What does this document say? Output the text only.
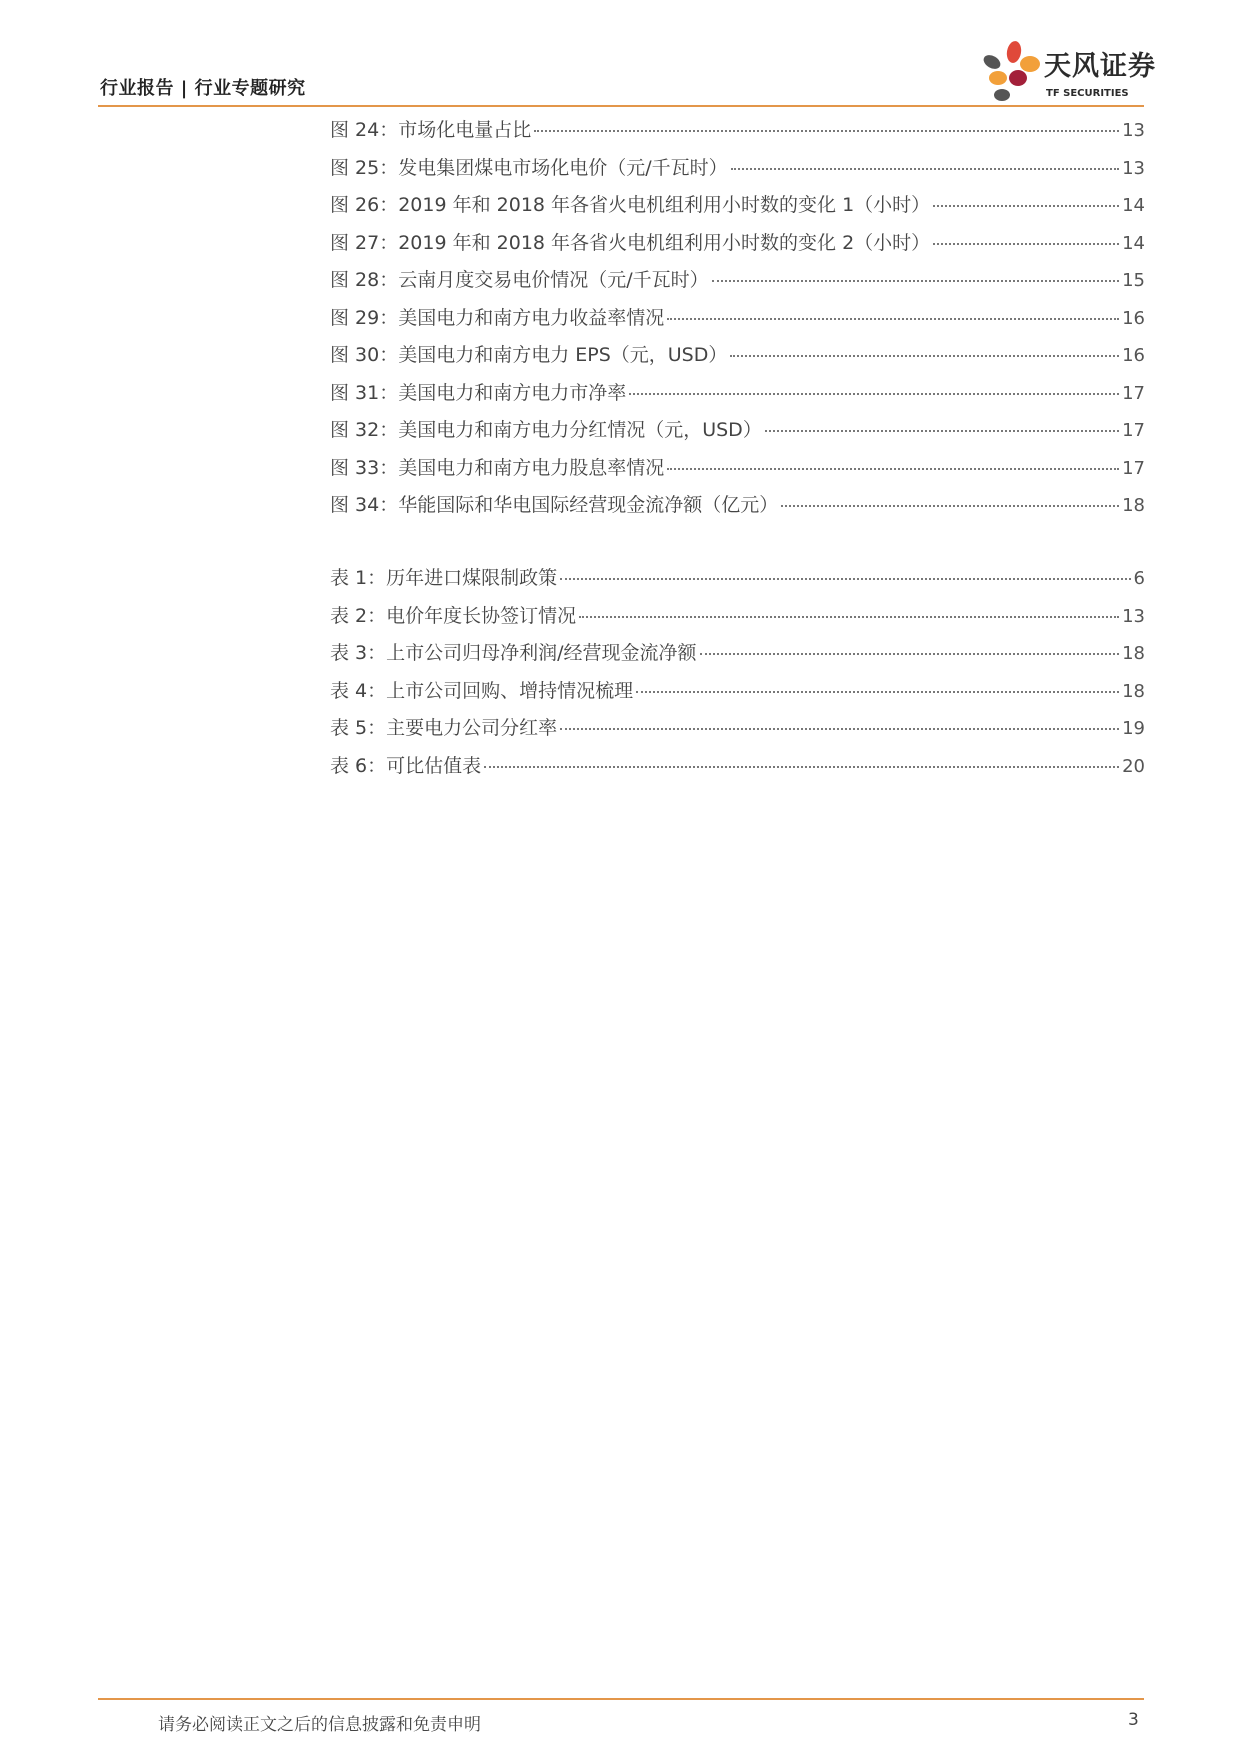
行业报告 | 行业专题研究
天风证券
TF SECURITIES
图 24：市场化电量占比	13
图 25：发电集团煤电市场化电价（元/千瓦时）	13
图 26：2019 年和 2018 年各省火电机组利用小时数的变化 1（小时）	14
图 27：2019 年和 2018 年各省火电机组利用小时数的变化 2（小时）	14
图 28：云南月度交易电价情况（元/千瓦时）	15
图 29：美国电力和南方电力收益率情况	16
图 30：美国电力和南方电力 EPS（元，USD）	16
图 31：美国电力和南方电力市净率	17
图 32：美国电力和南方电力分红情况（元，USD）	17
图 33：美国电力和南方电力股息率情况	17
图 34：华能国际和华电国际经营现金流净额（亿元）	18
表 1：历年进口煤限制政策	6
表 2：电价年度长协签订情况	13
表 3：上市公司归母净利润/经营现金流净额	18
表 4：上市公司回购、增持情况梳理	18
表 5：主要电力公司分红率	19
表 6：可比估值表	20
请务必阅读正文之后的信息披露和免责申明	3
